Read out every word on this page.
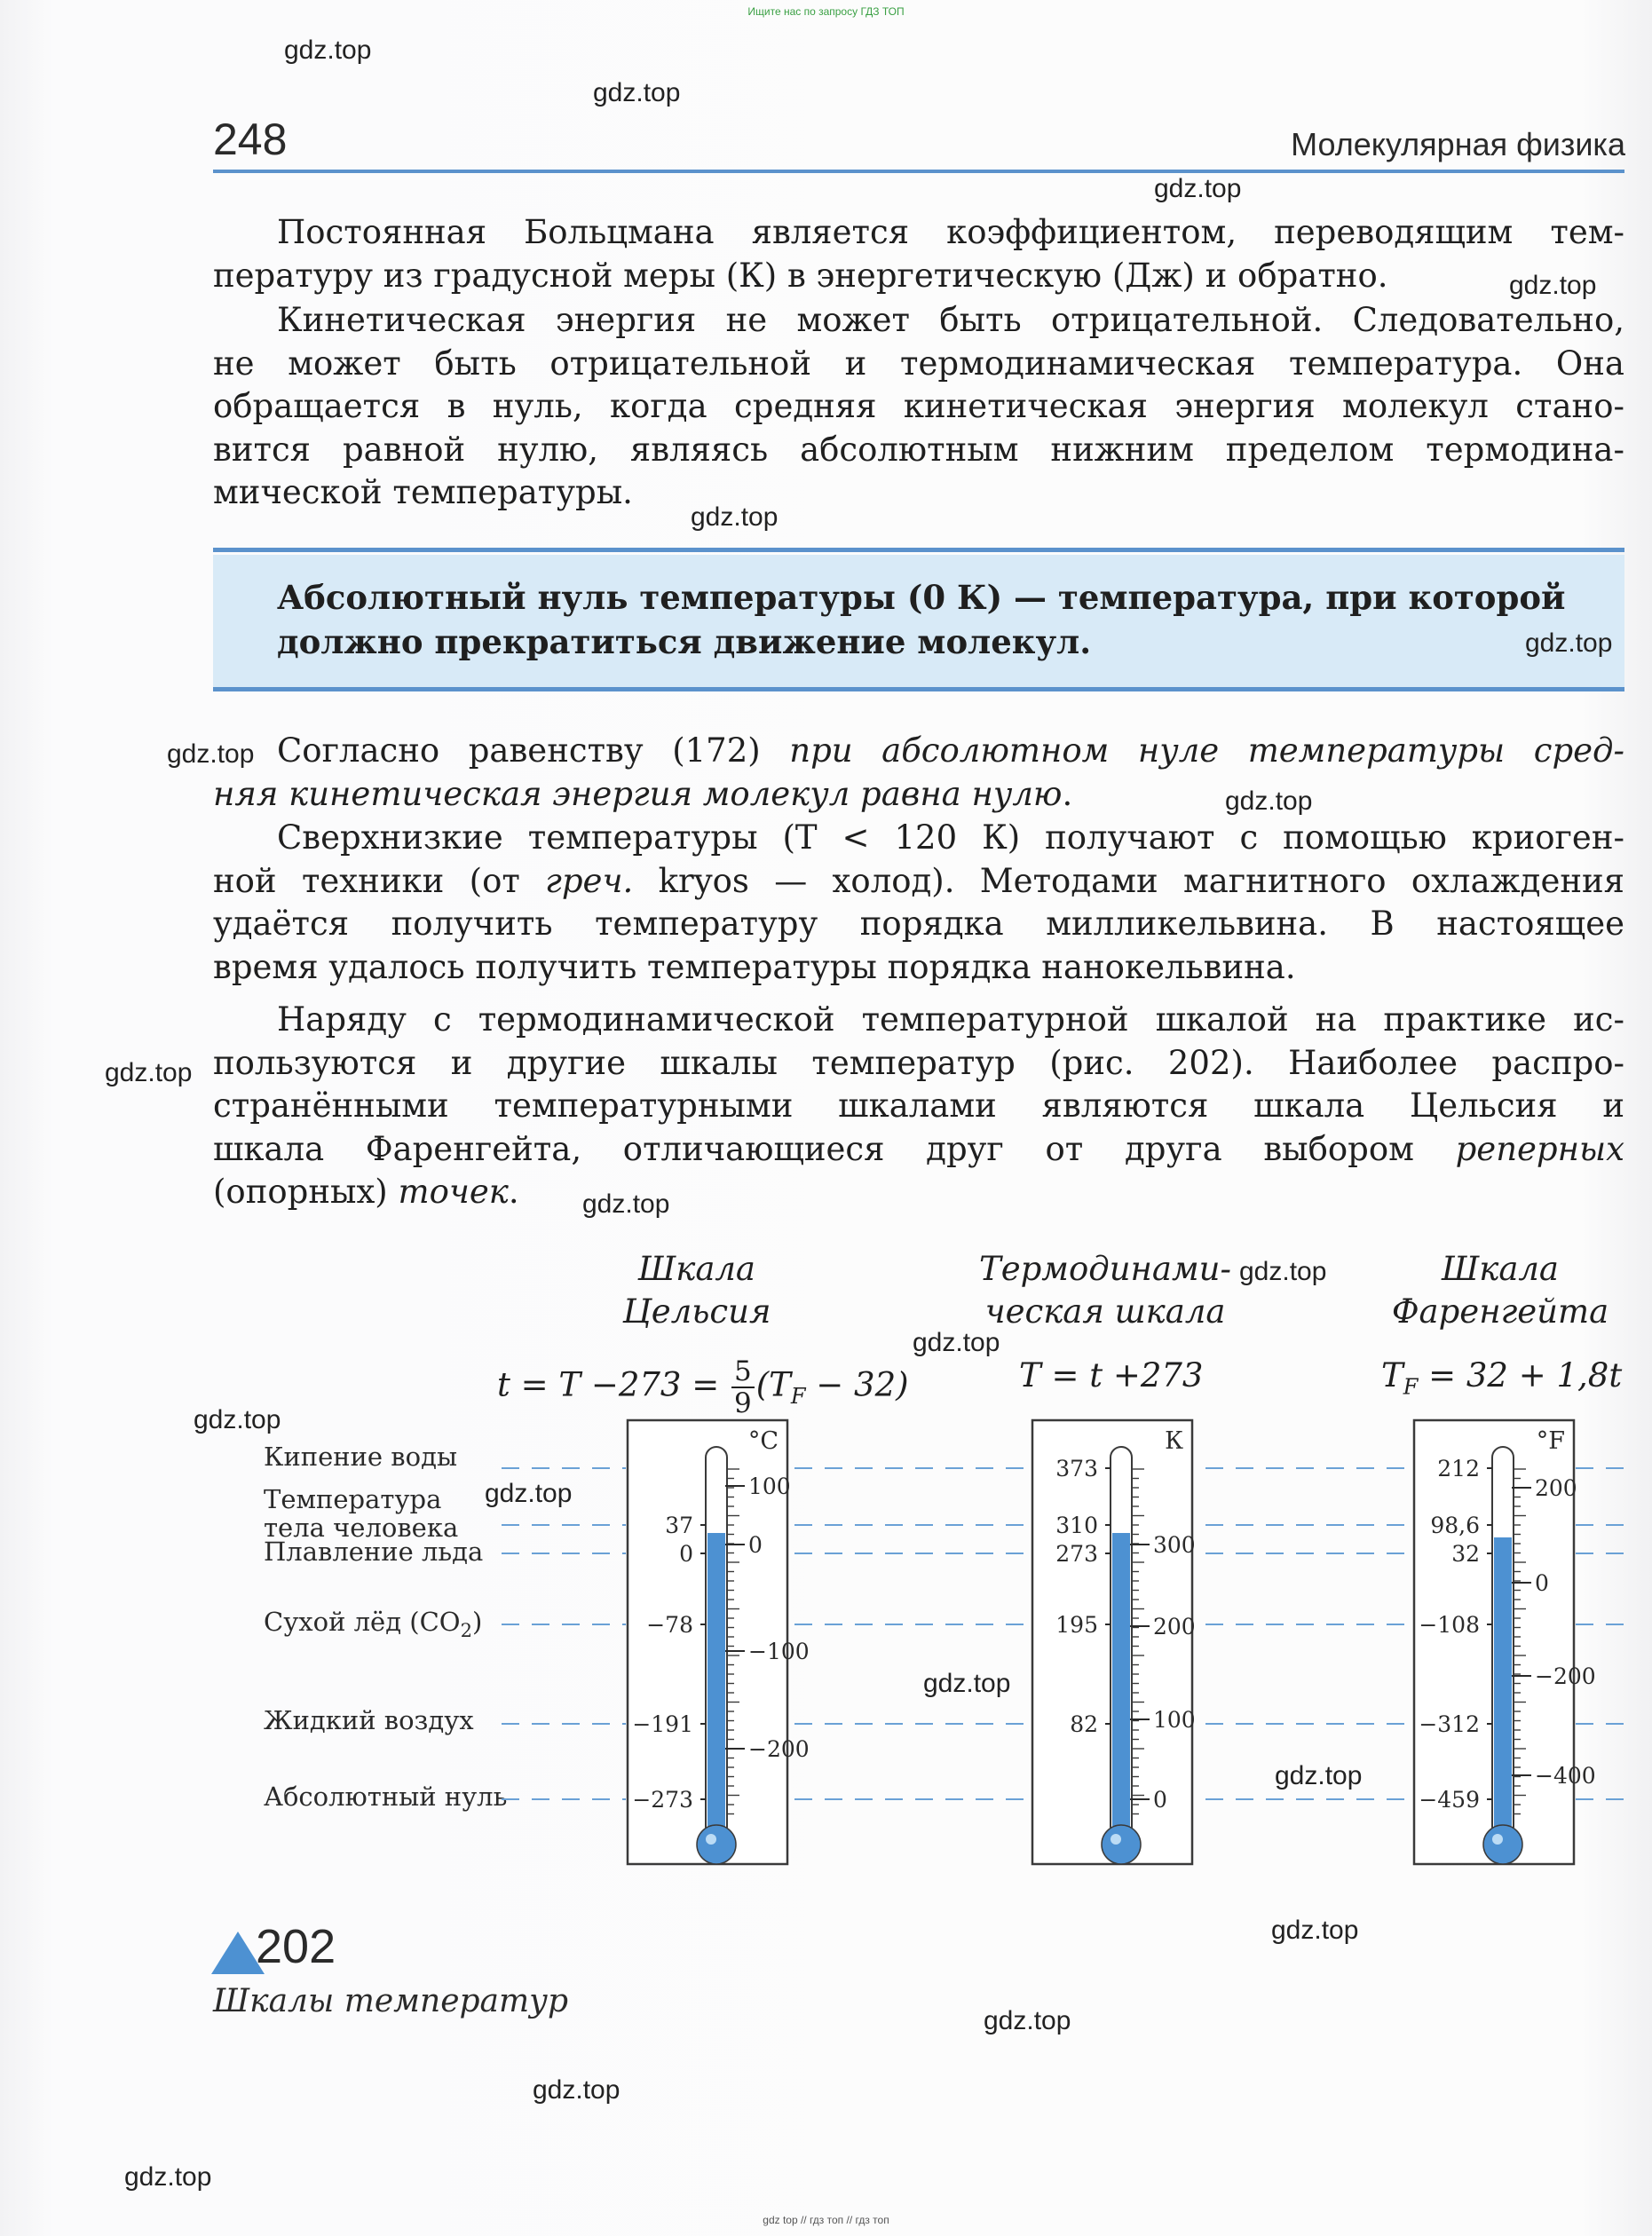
Ищите нас по запросу ГДЗ ТОП
248	Молекулярная физика
Постоянная Больцмана является коэффициентом, переводящим тем-
пературу из градусной меры (К) в энергетическую (Дж) и обратно.
Кинетическая энергия не может быть отрицательной. Следовательно,
не может быть отрицательной и термодинамическая температура. Она
обращается в нуль, когда средняя кинетическая энергия молекул стано-
вится равной нулю, являясь абсолютным нижним пределом термодина-
мической температуры.
Абсолютный нуль температуры (0 К) — температура, при которой
должно прекратиться движение молекул.
Согласно равенству (172) при абсолютном нуле температуры сред-
няя кинетическая энергия молекул равна нулю.
Сверхнизкие температуры (T < 120 К) получают с помощью криоген-
ной техники (от греч. kryos — холод). Методами магнитного охлаждения
удаётся получить температуру порядка милликельвина. В настоящее
время удалось получить температуры порядка нанокельвина.
Наряду с термодинамической температурной шкалой на практике ис-
пользуются и другие шкалы температур (рис. 202). Наиболее распро-
странёнными температурными шкалами являются шкала Цельсия и
шкала Фаренгейта, отличающиеся друг от друга выбором реперных
(опорных) точек.
Шкала
Цельсия
Термодинами-
ческая шкала
Шкала
Фаренгейта
$t = T -273 = \frac{5}{9} (T_F - 32)$	T = t +273	$T_F = 32 + 1,8t$
Кипение воды
Температура
тела человека
Плавление льда
Сухой лёд $(CO_2)$
Жидкий воздух
Абсолютный нуль
°C
100
0
−100
−200
37
0
−78
−191
−273
К
300
200
100
0
373
310
273
195
82
°F
200
0
−200
−400
212
98,6
32
−108
−312
−459
202
Шкалы температур
gdz top // гдз топ // гдз топ
gdz.top
gdz.top
gdz.top
gdz.top
gdz.top
gdz.top
gdz.top
gdz.top
gdz.top
gdz.top
gdz.top
gdz.top
gdz.top
gdz.top
gdz.top
gdz.top
gdz.top
gdz.top
gdz.top
gdz.top
